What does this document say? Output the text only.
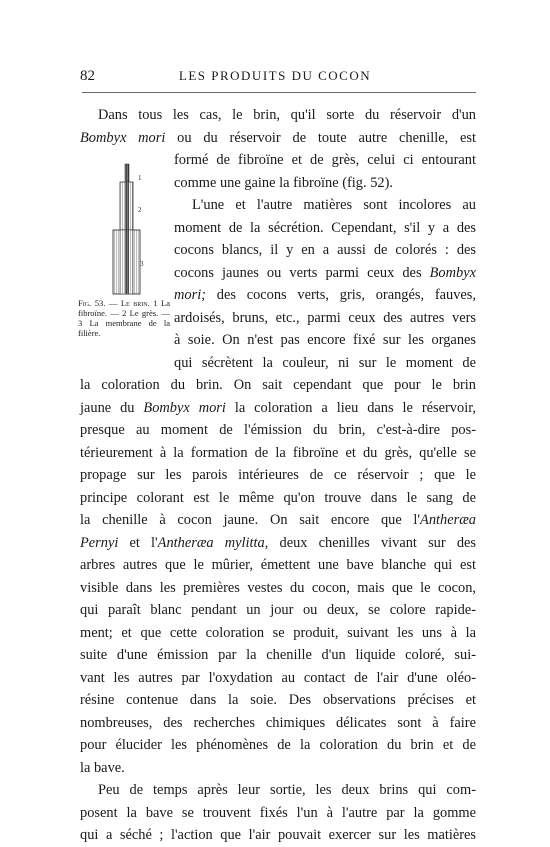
82	LES PRODUITS DU COCON
1
2
3
Fig. 53. — Le brin. 1 La fibroïne. — 2 Le grès. — 3 La membrane de la filière.
Dans tous les cas, le brin, qu'il sorte du réservoir d'un
Bombyx mori ou du réservoir de toute autre chenille, est
formé de fibroïne et de grès, celui ci entourant
comme une gaine la fibroïne (fig. 52).
L'une et l'autre matières sont incolores au
moment de la sécrétion. Cependant, s'il y a des
cocons blancs, il y en a aussi de colorés : des
cocons jaunes ou verts parmi ceux des Bombyx
mori; des cocons verts, gris, orangés, fauves,
ardoisés, bruns, etc., parmi ceux des autres vers
à soie. On n'est pas encore fixé sur les organes
qui sécrètent la couleur, ni sur le moment de
la coloration du brin. On sait cependant que pour le brin
jaune du Bombyx mori la coloration a lieu dans le réservoir,
presque au moment de l'émission du brin, c'est-à-dire pos-
térieurement à la formation de la fibroïne et du grès, qu'elle se
propage sur les parois intérieures de ce réservoir ; que le
principe colorant est le même qu'on trouve dans le sang de
la chenille à cocon jaune. On sait encore que l'Antheræa
Pernyi et l'Antheræa mylitta, deux chenilles vivant sur des
arbres autres que le mûrier, émettent une bave blanche qui est
visible dans les premières vestes du cocon, mais que le cocon,
qui paraît blanc pendant un jour ou deux, se colore rapide-
ment; et que cette coloration se produit, suivant les uns à la
suite d'une émission par la chenille d'un liquide coloré, sui-
vant les autres par l'oxydation au contact de l'air d'une oléo-
résine contenue dans la soie. Des observations précises et
nombreuses, des recherches chimiques délicates sont à faire
pour élucider les phénomènes de la coloration du brin et de
la bave.
Peu de temps après leur sortie, les deux brins qui com-
posent la bave se trouvent fixés l'un à l'autre par la gomme
qui a séché ; l'action que l'air pouvait exercer sur les matières
